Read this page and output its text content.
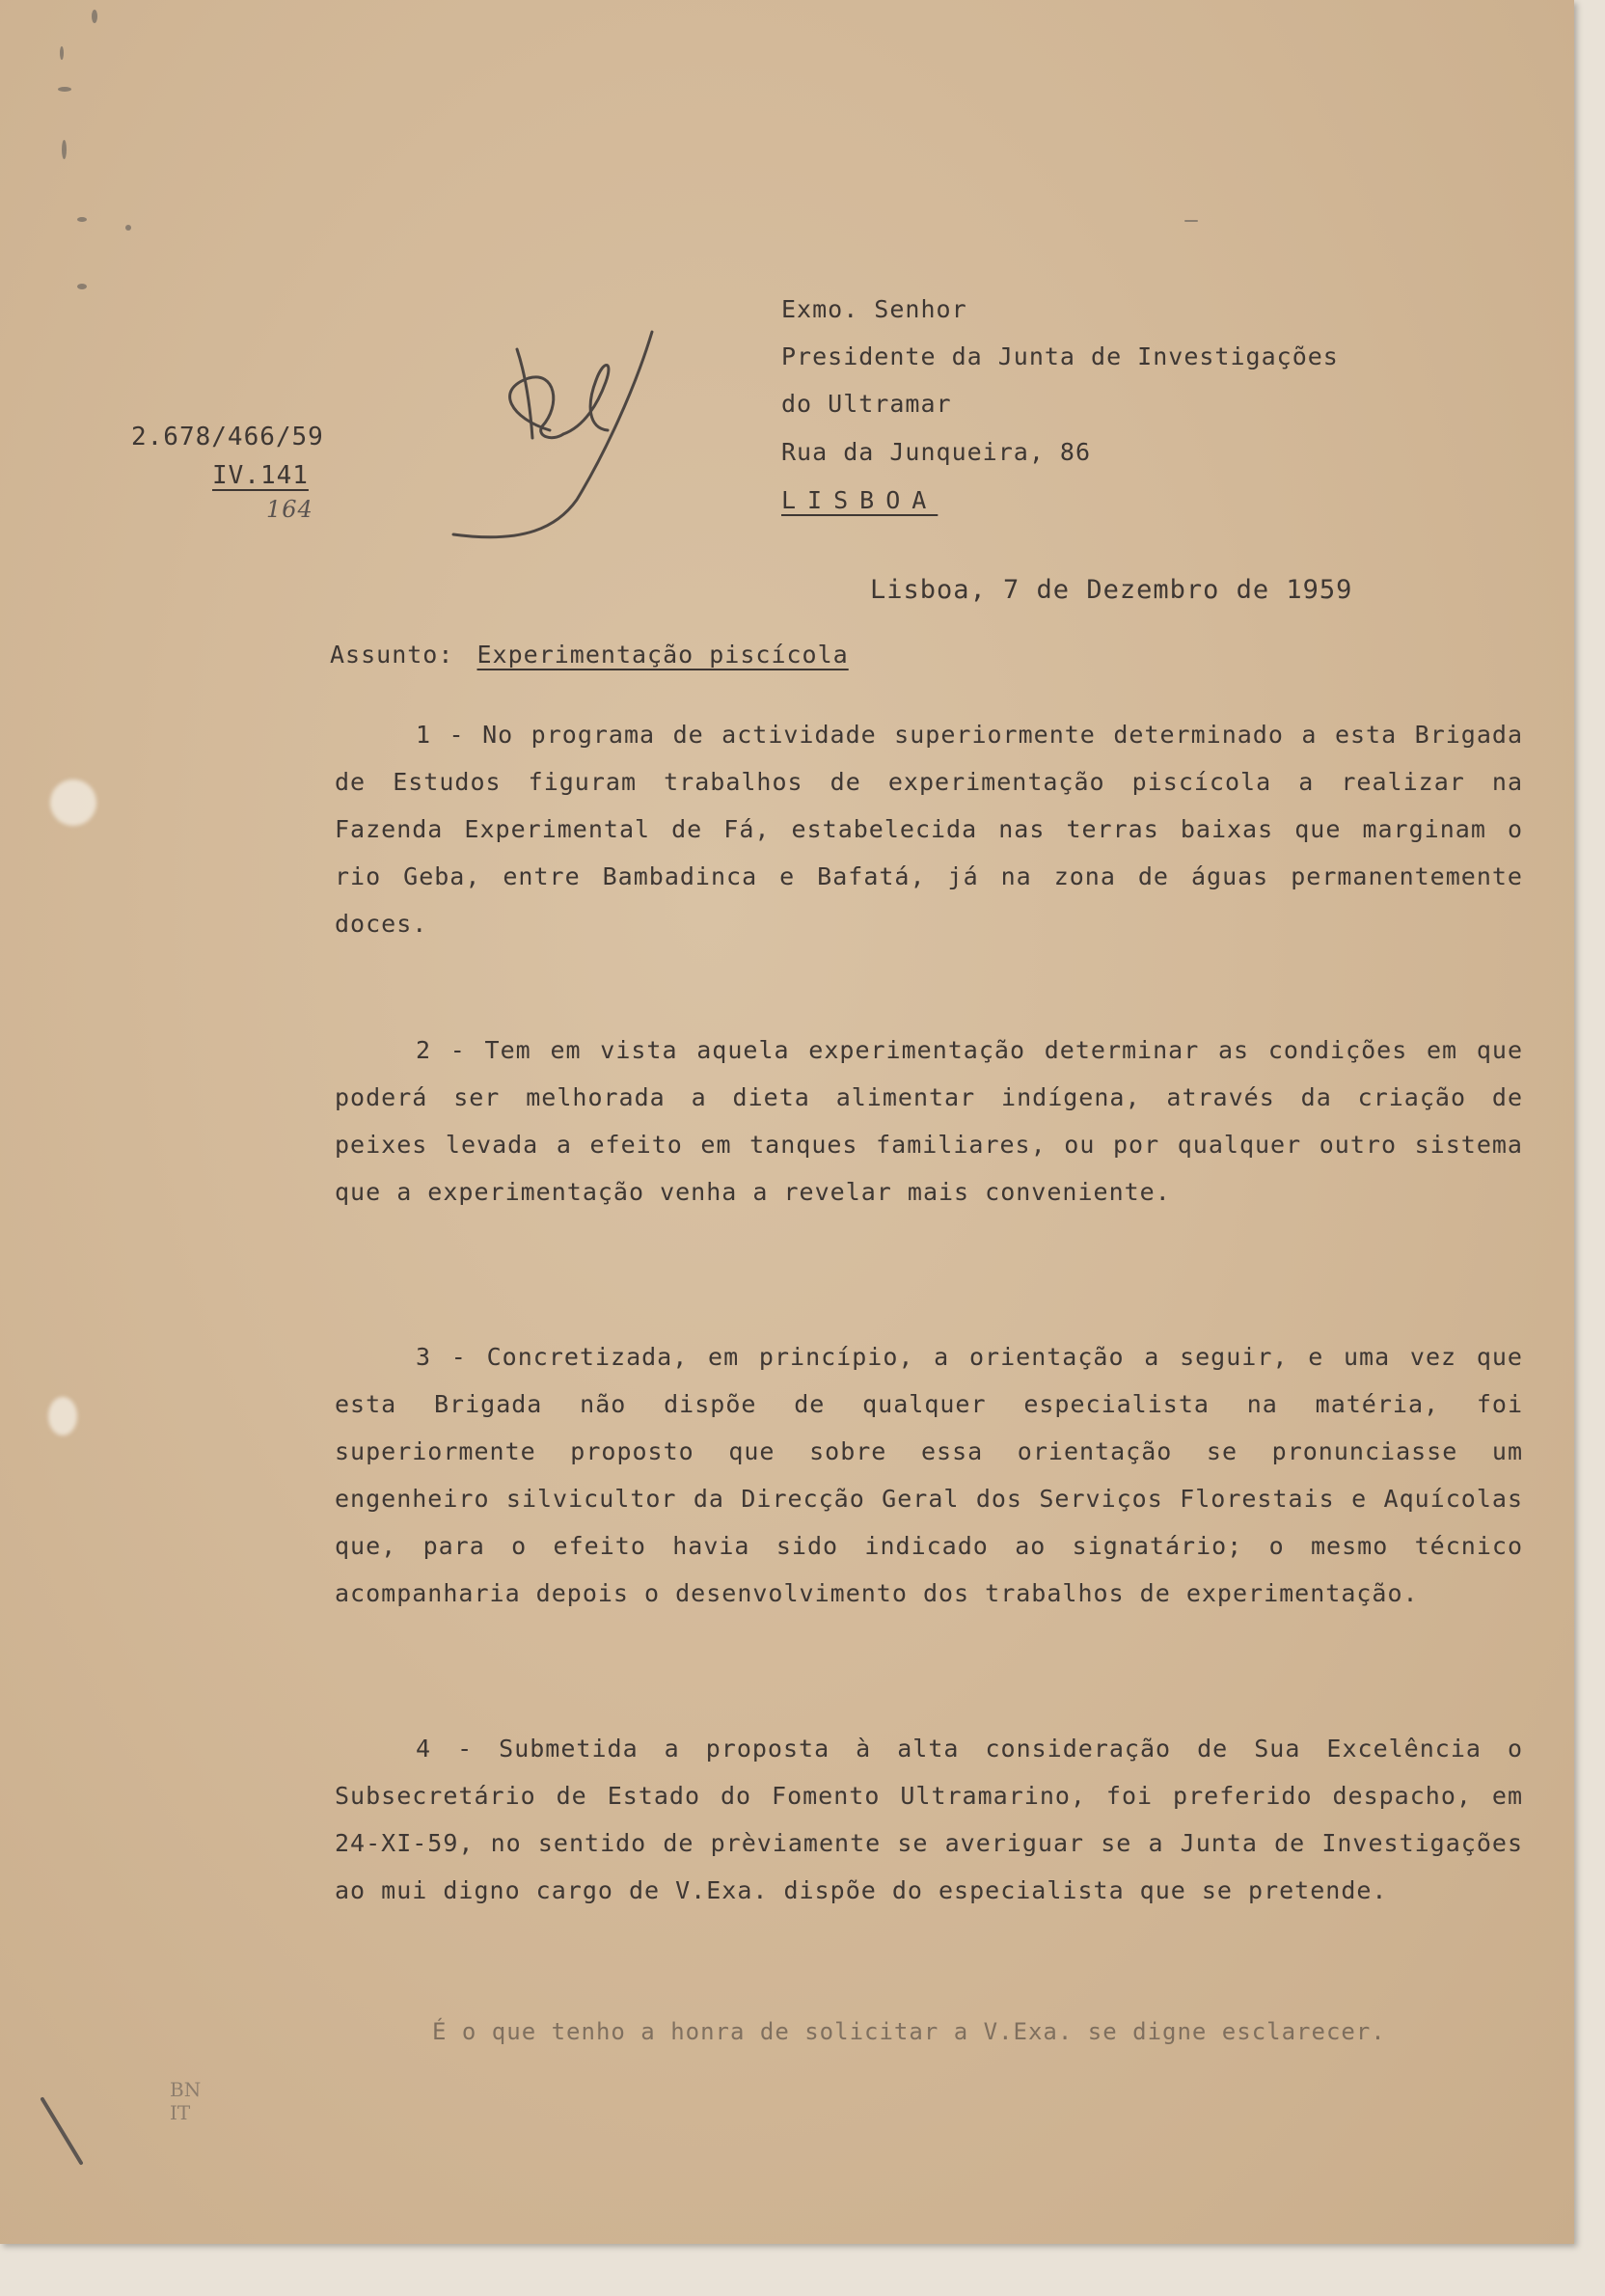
Exmo. Senhor
Presidente da Junta de Investigações
do Ultramar
Rua da Junqueira, 86
LISBOA
2.678/466/59
IV.141
164
Lisboa, 7 de Dezembro de 1959
Assunto: Experimentação piscícola

1 - No programa de actividade superiormente determinado a esta Brigada de Estudos figuram trabalhos de experimentação piscícola a realizar na Fazenda Experimental de Fá, estabelecida nas terras baixas que marginam o rio Geba, entre Bambadinca e Bafatá, já na zona de águas permanentemente doces.

2 - Tem em vista aquela experimentação determinar as condições em que poderá ser melhorada a dieta alimentar indígena, através da criação de peixes levada a efeito em tanques familiares, ou por qualquer outro sistema que a experimentação venha a revelar mais conveniente.

3 - Concretizada, em princípio, a orientação a seguir, e uma vez que esta Brigada não dispõe de qualquer especialista na matéria, foi superiormente proposto que sobre essa orientação se pronunciasse um engenheiro silvicultor da Direcção Geral dos Serviços Florestais e Aquícolas que, para o efeito havia sido indicado ao signatário; o mesmo técnico acompanharia depois o desenvolvimento dos trabalhos de experimentação.

4 - Submetida a proposta à alta consideração de Sua Excelência o Subsecretário de Estado do Fomento Ultramarino, foi preferido despacho, em 24-XI-59, no sentido de prèviamente se averiguar se a Junta de Investigações ao mui digno cargo de V.Exa. dispõe do especialista que se pretende.

É o que tenho a honra de solicitar a V.Exa. se digne esclarecer.
BN
IT
